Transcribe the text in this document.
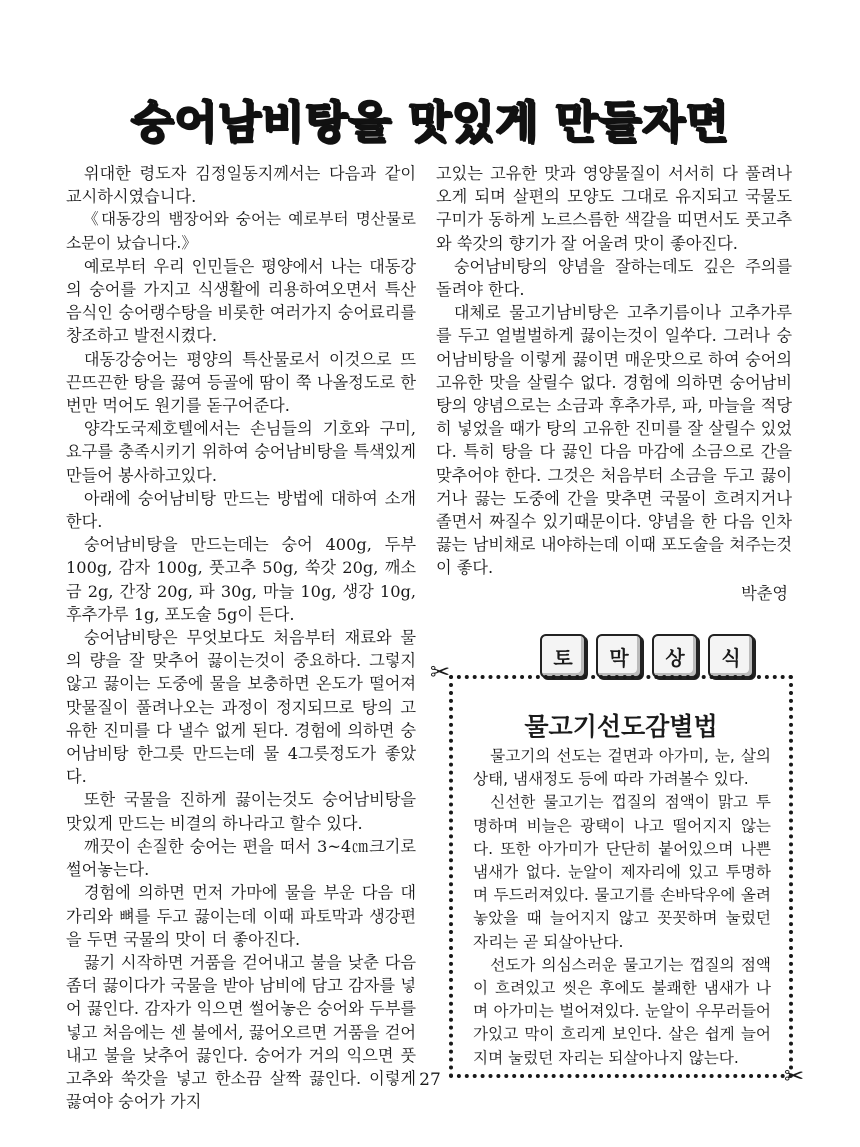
숭어남비탕을 맛있게 만들자면

위대한 령도자 김정일동지께서는 다음과 같이 교시하시였습니다.

《대동강의 뱀장어와 숭어는 예로부터 명산물로 소문이 났습니다.》

예로부터 우리 인민들은 평양에서 나는 대동강의 숭어를 가지고 식생활에 리용하여오면서 특산음식인 숭어랭수탕을 비롯한 여러가지 숭어료리를 창조하고 발전시켰다.

대동강숭어는 평양의 특산물로서 이것으로 뜨끈뜨끈한 탕을 끓여 등골에 땀이 쭉 나올정도로 한번만 먹어도 원기를 돋구어준다.

양각도국제호텔에서는 손님들의 기호와 구미, 요구를 충족시키기 위하여 숭어남비탕을 특색있게 만들어 봉사하고있다.

아래에 숭어남비탕 만드는 방법에 대하여 소개한다.

숭어남비탕을 만드는데는 숭어 400g, 두부 100g, 감자 100g, 풋고추 50g, 쑥갓 20g, 깨소금 2g, 간장 20g, 파 30g, 마늘 10g, 생강 10g, 후추가루 1g, 포도술 5g이 든다.

숭어남비탕은 무엇보다도 처음부터 재료와 물의 량을 잘 맞추어 끓이는것이 중요하다. 그렇지 않고 끓이는 도중에 물을 보충하면 온도가 떨어져 맛물질이 풀려나오는 과정이 정지되므로 탕의 고유한 진미를 다 낼수 없게 된다. 경험에 의하면 숭어남비탕 한그릇 만드는데 물 4그릇정도가 좋았다.

또한 국물을 진하게 끓이는것도 숭어남비탕을 맛있게 만드는 비결의 하나라고 할수 있다.

깨끗이 손질한 숭어는 편을 떠서 3~4㎝크기로 썰어놓는다.

경험에 의하면 먼저 가마에 물을 부운 다음 대가리와 뼈를 두고 끓이는데 이때 파토막과 생강편을 두면 국물의 맛이 더 좋아진다.

끓기 시작하면 거품을 걷어내고 불을 낮춘 다음 좀더 끓이다가 국물을 받아 남비에 담고 감자를 넣어 끓인다. 감자가 익으면 썰어놓은 숭어와 두부를 넣고 처음에는 센 불에서, 끓어오르면 거품을 걷어내고 불을 낮추어 끓인다. 숭어가 거의 익으면 풋고추와 쑥갓을 넣고 한소끔 살짝 끓인다. 이렇게 끓여야 숭어가 가지

고있는 고유한 맛과 영양물질이 서서히 다 풀려나오게 되며 살편의 모양도 그대로 유지되고 국물도 구미가 동하게 노르스름한 색갈을 띠면서도 풋고추와 쑥갓의 향기가 잘 어울려 맛이 좋아진다.

숭어남비탕의 양념을 잘하는데도 깊은 주의를 돌려야 한다.

대체로 물고기남비탕은 고추기름이나 고추가루를 두고 얼벌벌하게 끓이는것이 일쑤다. 그러나 숭어남비탕을 이렇게 끓이면 매운맛으로 하여 숭어의 고유한 맛을 살릴수 없다. 경험에 의하면 숭어남비탕의 양념으로는 소금과 후추가루, 파, 마늘을 적당히 넣었을 때가 탕의 고유한 진미를 잘 살릴수 있었다. 특히 탕을 다 끓인 다음 마감에 소금으로 간을 맞추어야 한다. 그것은 처음부터 소금을 두고 끓이거나 끓는 도중에 간을 맞추면 국물이 흐려지거나 졸면서 짜질수 있기때문이다. 양념을 한 다음 인차 끓는 남비채로 내야하는데 이때 포도술을 쳐주는것이 좋다.

박춘영
토	막	상	식
✂
물고기선도감별법

물고기의 선도는 겉면과 아가미, 눈, 살의 상태, 냄새정도 등에 따라 가려볼수 있다.

신선한 물고기는 껍질의 점액이 맑고 투명하며 비늘은 광택이 나고 떨어지지 않는다. 또한 아가미가 단단히 붙어있으며 나쁜 냄새가 없다. 눈알이 제자리에 있고 투명하며 두드러져있다. 물고기를 손바닥우에 올려놓았을 때 늘어지지 않고 꼿꼿하며 눌렀던 자리는 곧 되살아난다.

선도가 의심스러운 물고기는 껍질의 점액이 흐려있고 씻은 후에도 불쾌한 냄새가 나며 아가미는 벌어져있다. 눈알이 우무러들어가있고 막이 흐리게 보인다. 살은 쉽게 늘어지며 눌렀던 자리는 되살아나지 않는다.

✂
27
